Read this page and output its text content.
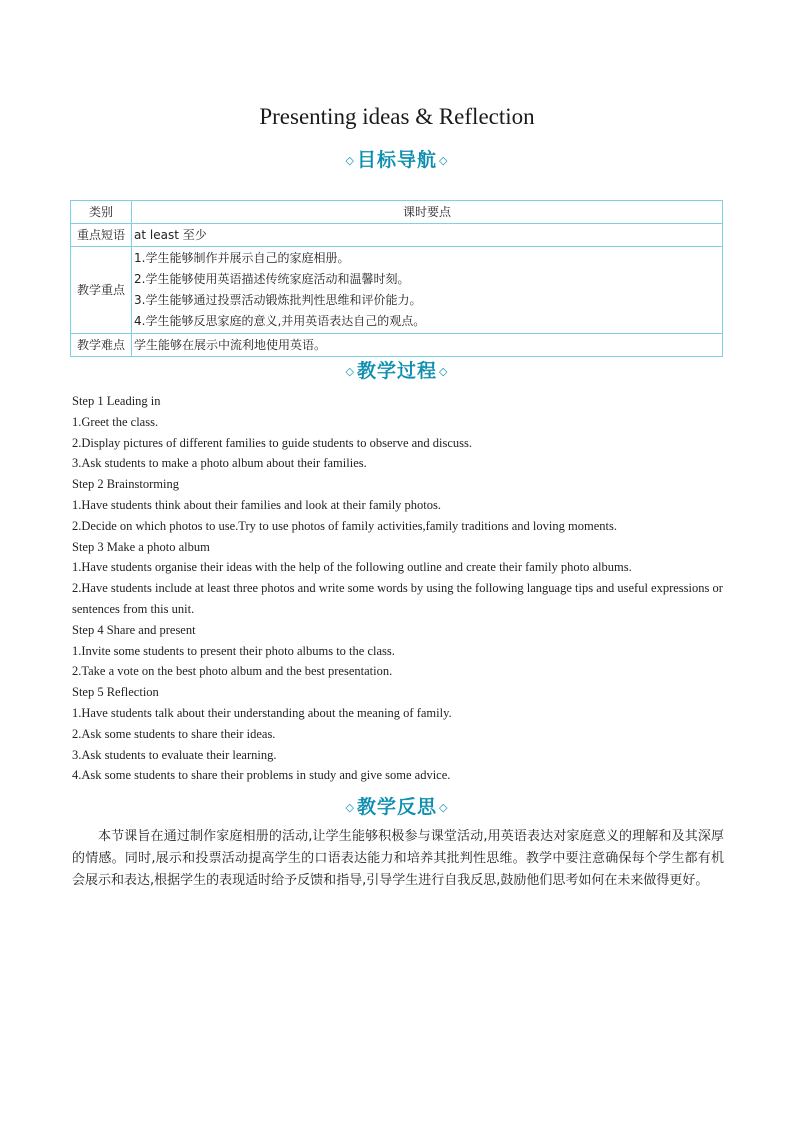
Presenting ideas & Reflection
◇ 目标导航 ◇
类别	课时要点
重点短语	at least 至少
教学重点	1.学生能够制作并展示自己的家庭相册。
2.学生能够使用英语描述传统家庭活动和温馨时刻。
3.学生能够通过投票活动锻炼批判性思维和评价能力。
4.学生能够反思家庭的意义,并用英语表达自己的观点。

教学难点	学生能够在展示中流利地使用英语。
◇ 教学过程 ◇

Step 1 Leading in

1.Greet the class.

2.Display pictures of different families to guide students to observe and discuss.

3.Ask students to make a photo album about their families.

Step 2 Brainstorming

1.Have students think about their families and look at their family photos.

2.Decide on which photos to use.Try to use photos of family activities,family traditions and loving moments.

Step 3 Make a photo album

1.Have students organise their ideas with the help of the following outline and create their family photo albums.

2.Have students include at least three photos and write some words by using the following language tips and useful expressions or sentences from this unit.

Step 4 Share and present

1.Invite some students to present their photo albums to the class.

2.Take a vote on the best photo album and the best presentation.

Step 5 Reflection

1.Have students talk about their understanding about the meaning of family.

2.Ask some students to share their ideas.

3.Ask students to evaluate their learning.

4.Ask some students to share their problems in study and give some advice.

◇ 教学反思 ◇

本节课旨在通过制作家庭相册的活动,让学生能够积极参与课堂活动,用英语表达对家庭意义的理解和及其深厚的情感。同时,展示和投票活动提高学生的口语表达能力和培养其批判性思维。教学中要注意确保每个学生都有机会展示和表达,根据学生的表现适时给予反馈和指导,引导学生进行自我反思,鼓励他们思考如何在未来做得更好。
